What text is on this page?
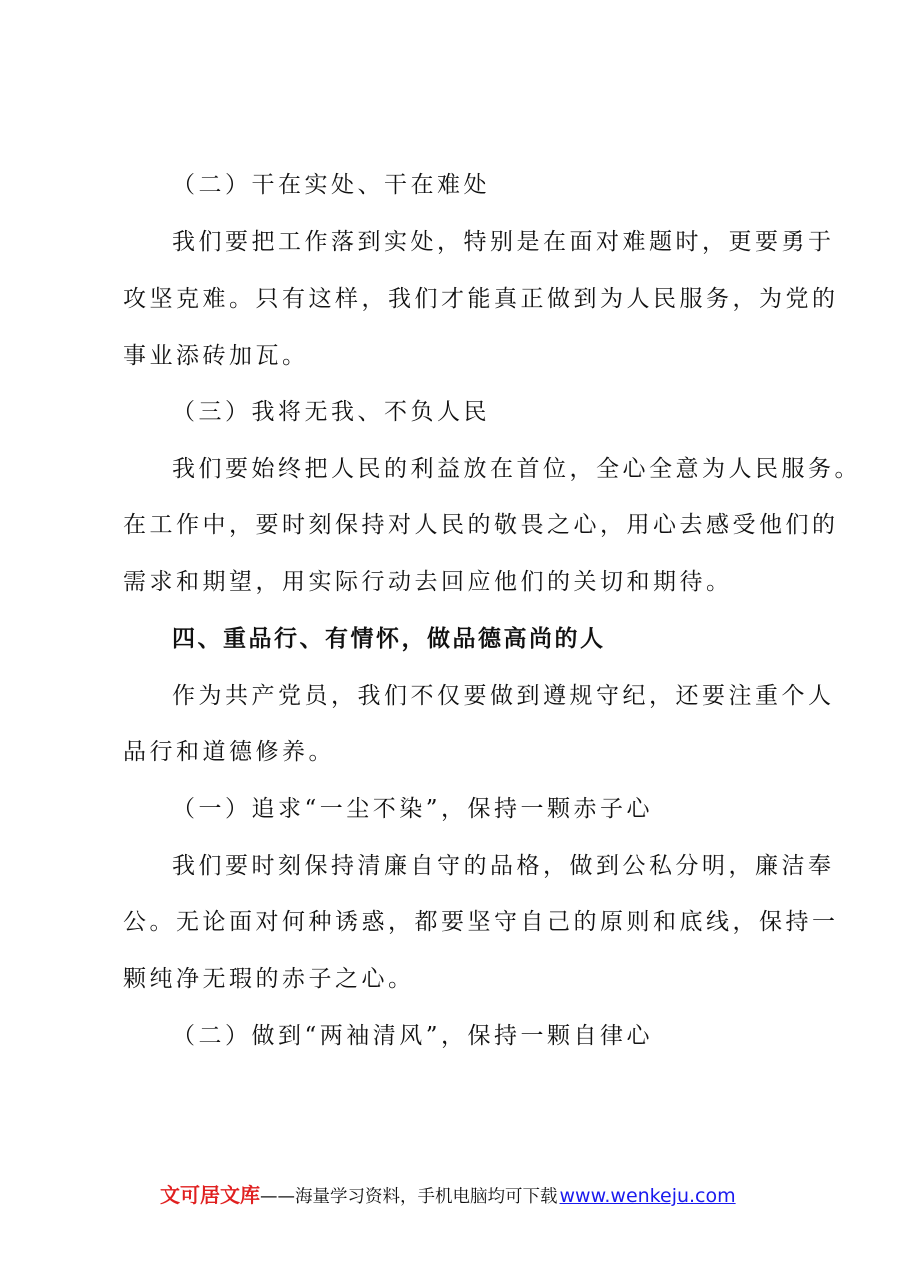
（二）干在实处、干在难处
我们要把工作落到实处，特别是在面对难题时，更要勇于
攻坚克难。只有这样，我们才能真正做到为人民服务，为党的
事业添砖加瓦。
（三）我将无我、不负人民
我们要始终把人民的利益放在首位，全心全意为人民服务。
在工作中，要时刻保持对人民的敬畏之心，用心去感受他们的
需求和期望，用实际行动去回应他们的关切和期待。
四、重品行、有情怀，做品德高尚的人
作为共产党员，我们不仅要做到遵规守纪，还要注重个人
品行和道德修养。
（一）追求“一尘不染”，保持一颗赤子心
我们要时刻保持清廉自守的品格，做到公私分明，廉洁奉
公。无论面对何种诱惑，都要坚守自己的原则和底线，保持一
颗纯净无瑕的赤子之心。
（二）做到“两袖清风”，保持一颗自律心
文可居文库——海量学习资料，手机电脑均可下载 www.wenkeju.com
